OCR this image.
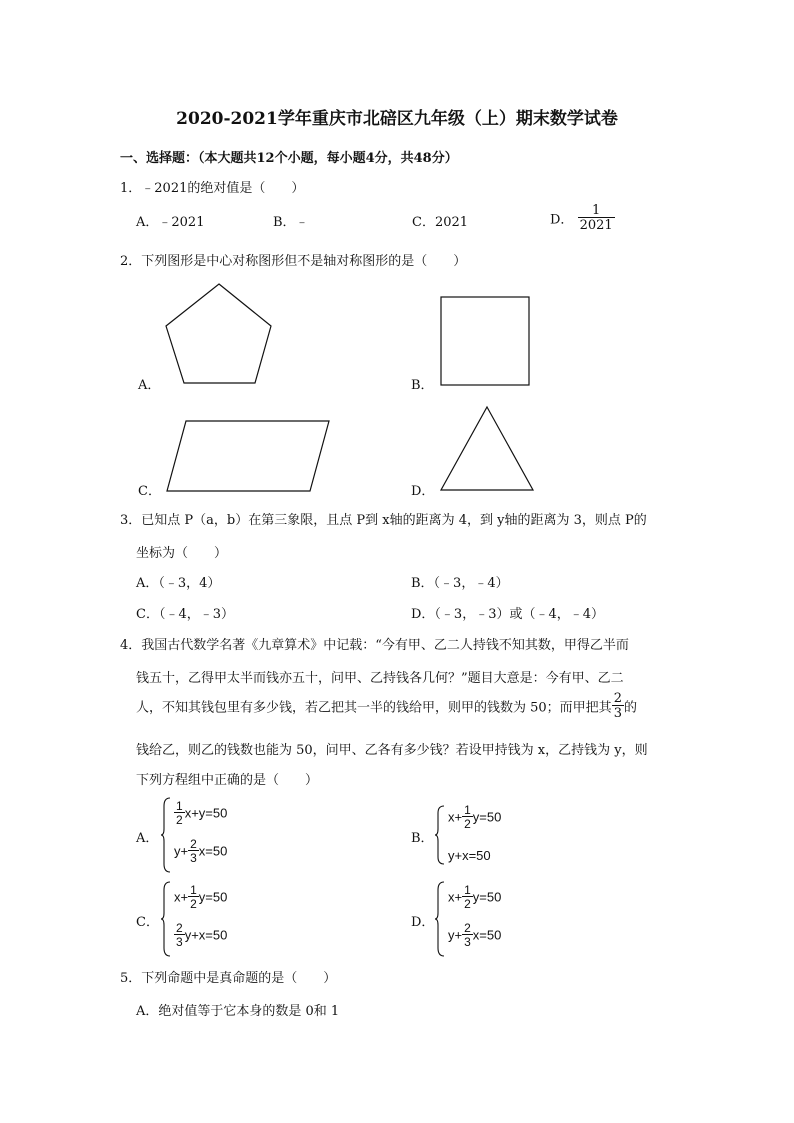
2020-2021学年重庆市北碚区九年级（上）期末数学试卷
一、选择题：（本大题共12个小题，每小题4分，共48分）
1．﹣2021的绝对值是（　　）
A．﹣2021	B．﹣	C．2021	D． $\frac{1}{2021}$
2．下列图形是中心对称图形但不是轴对称图形的是（　　）
A．	B．
C．	D．
3．已知点 P（a，b）在第三象限，且点 P到 x轴的距离为 4，到 y轴的距离为 3，则点 P的
坐标为（　　）
A．（﹣3，4）	B．（﹣3，﹣4）
C．（﹣4，﹣3）	D．（﹣3，﹣3）或（﹣4，﹣4）
4．我国古代数学名著《九章算术》中记载：“今有甲、乙二人持钱不知其数，甲得乙半而
钱五十，乙得甲太半而钱亦五十，问甲、乙持钱各几何？”题目大意是：今有甲、乙二
人，不知其钱包里有多少钱，若乙把其一半的钱给甲，则甲的钱数为 50；而甲把其 $\frac{2}{3}$ 的
钱给乙，则乙的钱数也能为 50，问甲、乙各有多少钱？若设甲持钱为 x，乙持钱为 y，则
下列方程组中正确的是（　　）
A．
$\frac{1}{2} x+y=50$
$y+ \frac{2}{3} x=50$
B．
$x+ \frac{1}{2} y=50$
y+x=50
C．
$x+ \frac{1}{2} y=50$
$\frac{2}{3} y+x=50$
D．
$x+ \frac{1}{2} y=50$
$y+ \frac{2}{3} x=50$
5．下列命题中是真命题的是（　　）
A．绝对值等于它本身的数是 0和 1
